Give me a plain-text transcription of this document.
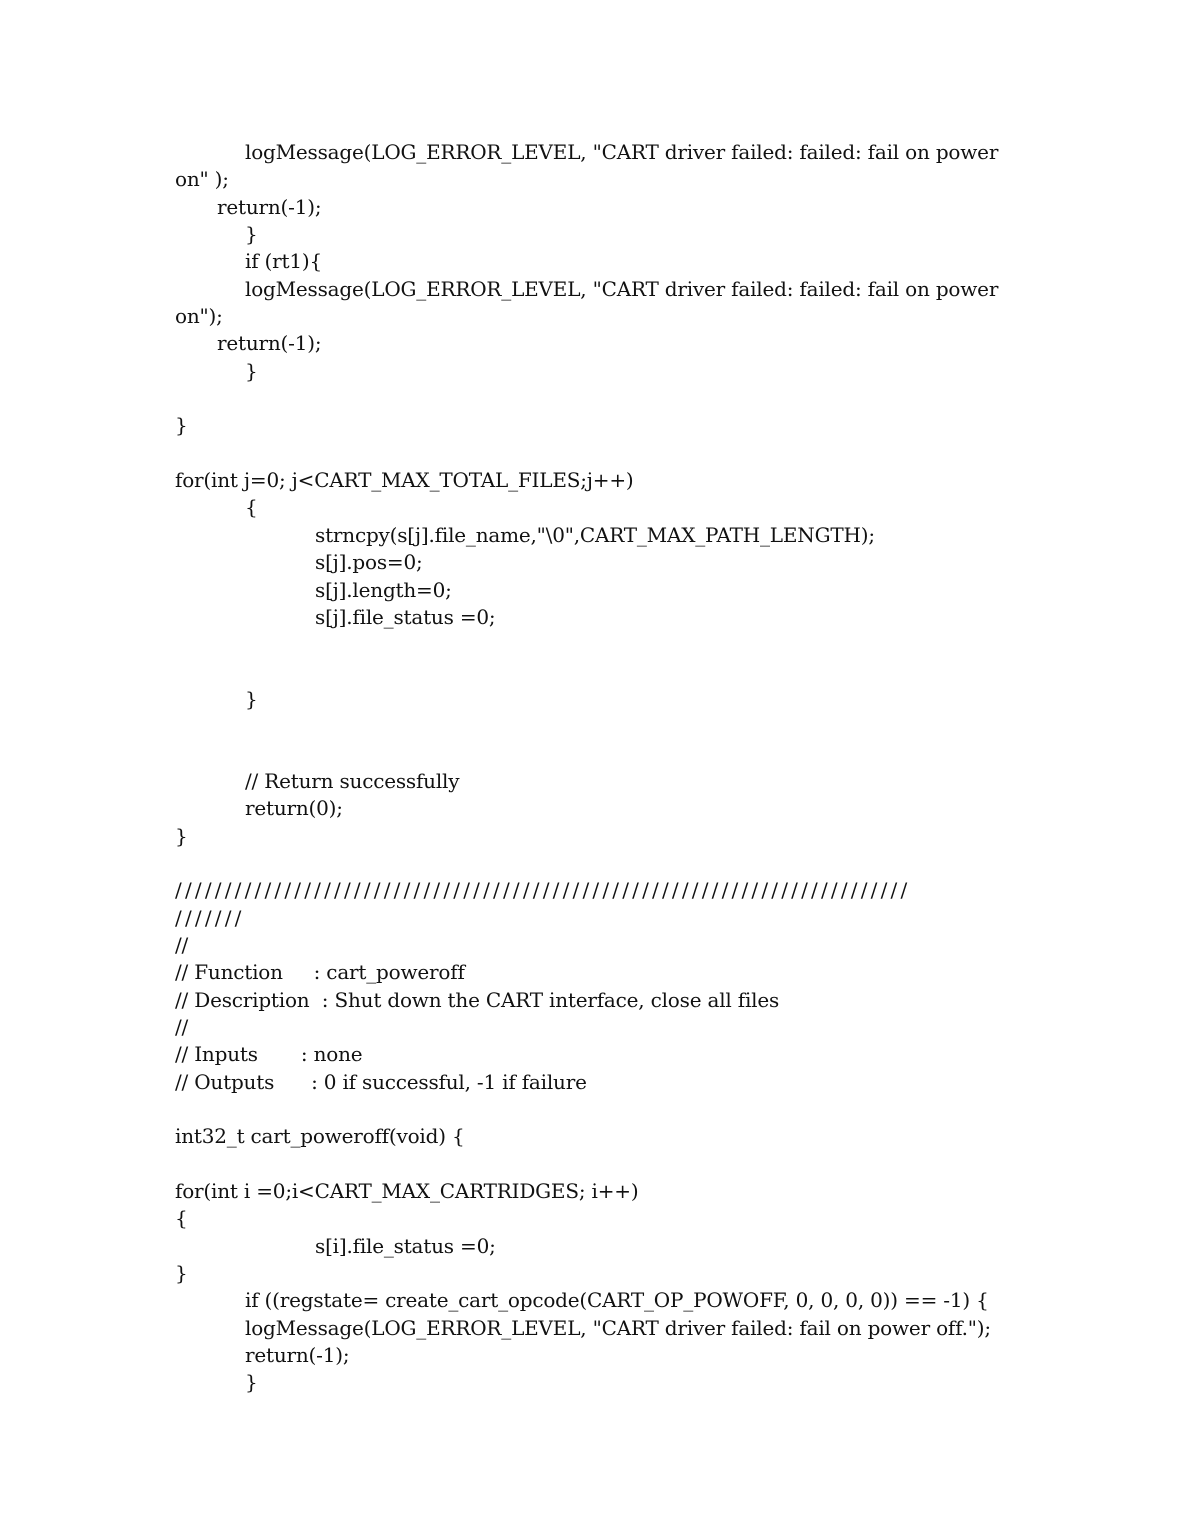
logMessage(LOG_ERROR_LEVEL, "CART driver failed: failed: fail on power
on" );
return(-1);
}
if (rt1){
logMessage(LOG_ERROR_LEVEL, "CART driver failed: failed: fail on power
on");
return(-1);
}
}
for(int j=0; j<CART_MAX_TOTAL_FILES;j++)
{
strncpy(s[j].file_name,"\0",CART_MAX_PATH_LENGTH);
s[j].pos=0;
s[j].length=0;
s[j].file_status =0;
}
// Return successfully
return(0);
}
//////////////////////////////////////////////////////////////////////////
///////
//
// Function     : cart_poweroff
// Description  : Shut down the CART interface, close all files
//
// Inputs       : none
// Outputs      : 0 if successful, -1 if failure
int32_t cart_poweroff(void) {
for(int i =0;i<CART_MAX_CARTRIDGES; i++)
{
s[i].file_status =0;
}
if ((regstate= create_cart_opcode(CART_OP_POWOFF, 0, 0, 0, 0)) == -1) {
logMessage(LOG_ERROR_LEVEL, "CART driver failed: fail on power off.");
return(-1);
}
